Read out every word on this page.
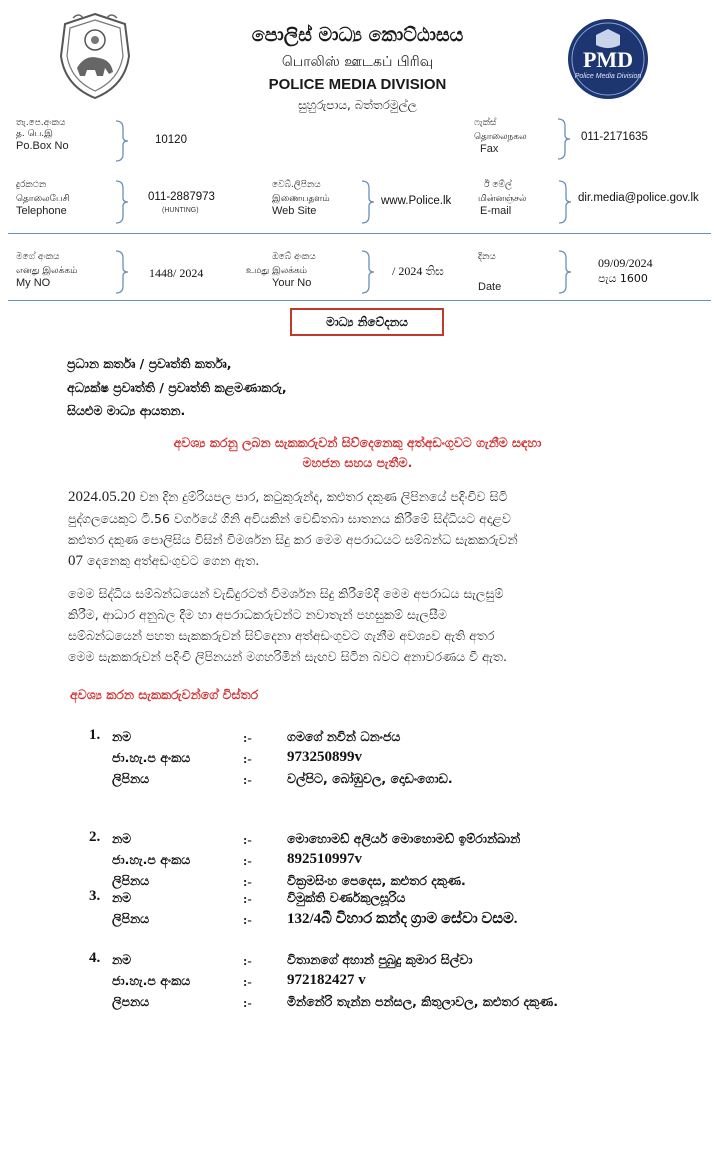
පොලිස් මාධ්‍ය කොට්ඨාසය
பொலிஸ் ஊடகப் பிரிவு
POLICE MEDIA DIVISION
සුහුරුපාය, බත්තරමුල්ල
PMD
Police Media Division
තැ.පෙ.අංකය
த. பெ.இ
Po.Box No	10120
ෆැක්ස්
தொலைநகல
Fax
011-2171635
දුරකථන
தொலைபேசி
Telephone
011-2887973
(HUNTING)
වෙබ්.ලිපිනය
இணையதளம்
Web Site
www.Police.lk
ඊ මේල්
மின்னஞ்சல்
E-mail
dir.media@police.gov.lk
මගේ අංකය
எனது இலக்கம்
My NO
1448/ 2024
ඔබේ අංකය
உமது இலக்கம்
Your No
/ 2024 තිඝ
දිනය
Date
09/09/2024
පැය 1600
මාධ්‍ය නිවේදනය
ප්‍රධාන කර්තෘ / ප්‍රවෘත්ති කර්තෘ,
අධ්‍යක්ෂ ප්‍රවෘත්ති / ප්‍රවෘත්ති කළමණාකරු,
සියළුම මාධ්‍ය ආයතන.
අවශ්‍ය කරනු ලබන සැකකරුවන් සිව්දෙනෙකු අත්අඩංගුවට ගැනීම සඳහා
මහජන සහය පැතීම.
2024.05.20 වන දින දුම්රියපල පාර, කටුකුරුන්ද, කළුතර දකුණ ලිපිනයේ පදිංචිව සිටි
පුද්ගලයෙකුට ටී.56 වර්ගයේ ගිනි අවියකින් වෙඩිතබා ඝාතනය කිරීමේ සිද්ධියට අදාළව
කළුතර දකුණ පොලිසිය විසින් විමර්ශන සිදු කර මෙම අපරාධයට සම්බන්ධ සැකකරුවන්
07 දෙනෙකු අත්අඩංගුවට ගෙන ඇත.
මෙම සිද්ධිය සම්බන්ධයෙන් වැඩිදුරටත් විමර්ශන සිදු කිරීමේදී මෙම අපරාධය සැලසුම්
කිරීම, ආධාර අනුබල දීම හා අපරාධකරුවන්ට නවාතැන් පහසුකම් සැලසීම
සම්බන්ධයෙන් පහත සැකකරුවන් සිව්දෙනා අත්අඩංගුවට ගැනීම අවශ්‍යව ඇති අතර
මෙම සැකකරුවන් පදිංචි ලිපිනයන් මගහරිමින් සැඟව සිටින බවට අනාවරණය වී ඇත.
අවශ්‍ය කරන සැකකරුවන්ගේ විස්තර
1. නම	:-	ගමගේ නවින් ධනංජය
ජා.හැ.ප අංකය	:- 973250899v
ලිපිනය	:-	වල්පිට, බෝඹුවල, දොඩංගොඩ.
2. නම	:-	මොහොමඩ් අලියර් මොහොමඩ් ඉම්රාන්ඛාන්
ජා.හැ.ප අංකය	:- 892510997v
ලිපිනය	:-	වික්‍රමසිංහ පෙදෙස, කළුතර දකුණ.
3. නම	:-	විමුක්ති වර්ණකුලසූරිය
ලිපිනය	:- 132/4බී විහාර කන්ද ග්‍රාම සේවා වසම.
4. නම	:-	විතානගේ අහාන් පුබුදු කුමාර සිල්වා
ජා.හැ.ප අංකය	:- 972182427 v
ලිපනය	:-	මින්නේරි තැන්න පන්සල, කිතුලාවල, කළුතර දකුණ.
